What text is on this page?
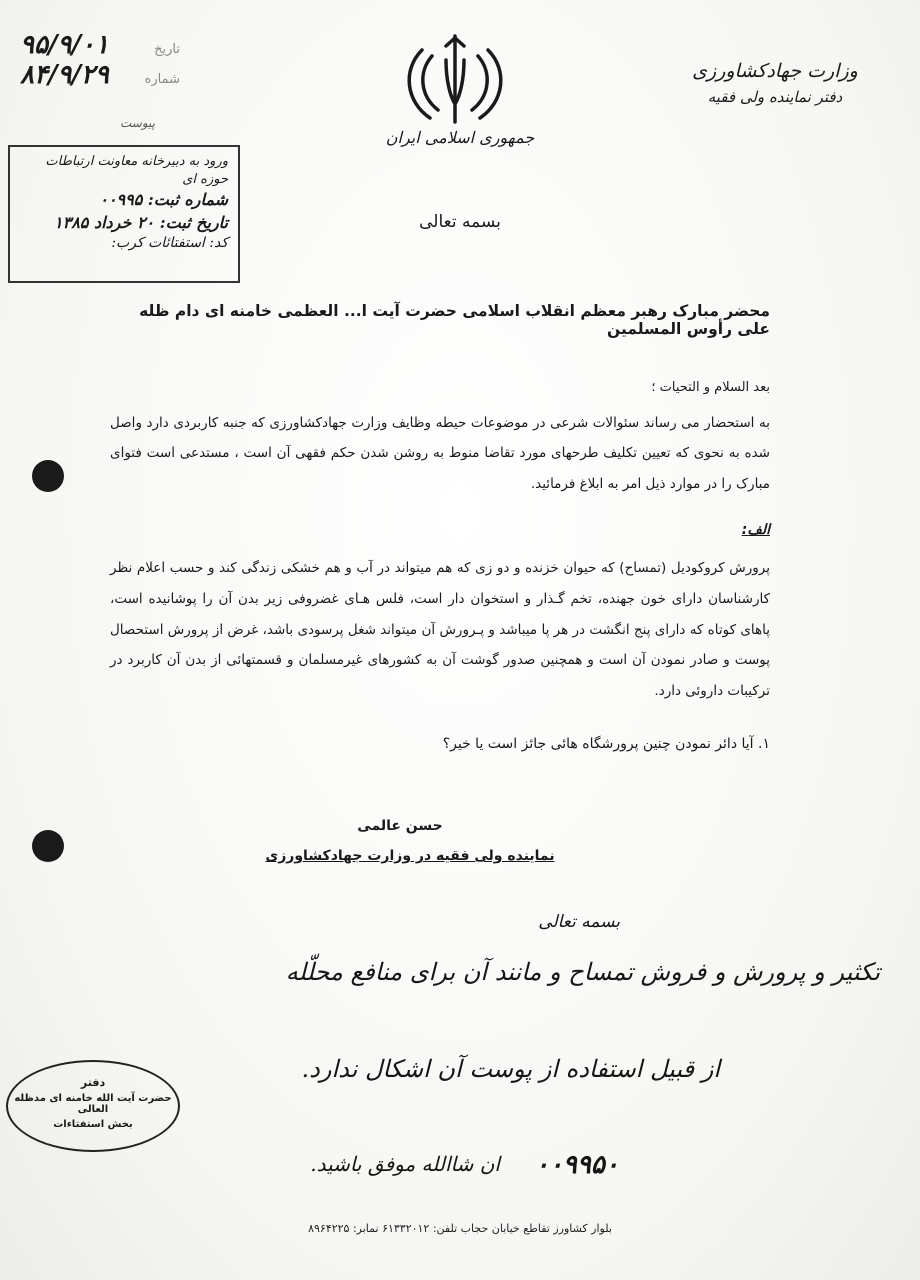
وزارت جهادکشاورزی
دفتر نماینده ولی فقیه
جمهوری اسلامی ایران
۹۵/۹/۰۱	تاریخ
۸۴/۹/۲۹	شماره
پیوست
ورود به دبیرخانه معاونت ارتباطات حوزه ای
شماره ثبت: ۰۰۹۹۵
تاریخ ثبت: ۲۰ خرداد ۱۳۸۵
کد: استفتائات کرب:
بسمه تعالی
محضر مبارک رهبر معظم انقلاب اسلامی حضرت آیت ا... العظمی خامنه ای دام ظله علی رأوس المسلمین
بعد السلام و التحیات ؛
به استحضار می رساند سئوالات شرعی در موضوعات حیطه وظایف وزارت جهادکشاورزی که جنبه کاربردی دارد واصل شده به نحوی که تعیین تکلیف طرحهای مورد تقاضا منوط به روشن شدن حکم فقهی آن است ، مستدعی است فتوای مبارک را در موارد ذیل امر به ابلاغ فرمائید.
الف:
پرورش کروکودیل (تمساح) که حیوان خزنده و دو زی که هم میتواند در آب و هم خشکی زندگی کند و حسب اعلام نظر کارشناسان دارای خون جهنده، تخم گـذار و استخوان دار است، فلس هـای غضروفی زیر بدن آن را پوشانیده است، پاهای کوتاه که دارای پنج انگشت در هر پا میباشد و پـرورش آن میتواند شغل پرسودی باشد، غرض از پرورش استحصال پوست و صادر نمودن آن است و همچنین صدور گوشت آن به کشورهای غیرمسلمان و قسمتهائی از بدن آن کاربرد در ترکیبات داروئی دارد.
۱. آیا دائر نمودن چنین پرورشگاه هائی جائز است یا خیر؟
حسن عالمی
نماینده ولی فقیه در وزارت جهادکشاورزی
بسمه تعالی
تکثیر و پرورش و فروش تمساح و مانند آن برای منافع محلّله
از قبیل استفاده از پوست آن اشکال ندارد.
ان شاالله موفق باشید. ۰۰۹۹۵۰
دفتر
حضرت آیت الله خامنه ای مدظله العالی
بخش استفتاءات
بلوار کشاورز تقاطع خیابان حجاب تلفن: ۶۱۳۳۲۰۱۲ نمابر: ۸۹۶۴۲۲۵
